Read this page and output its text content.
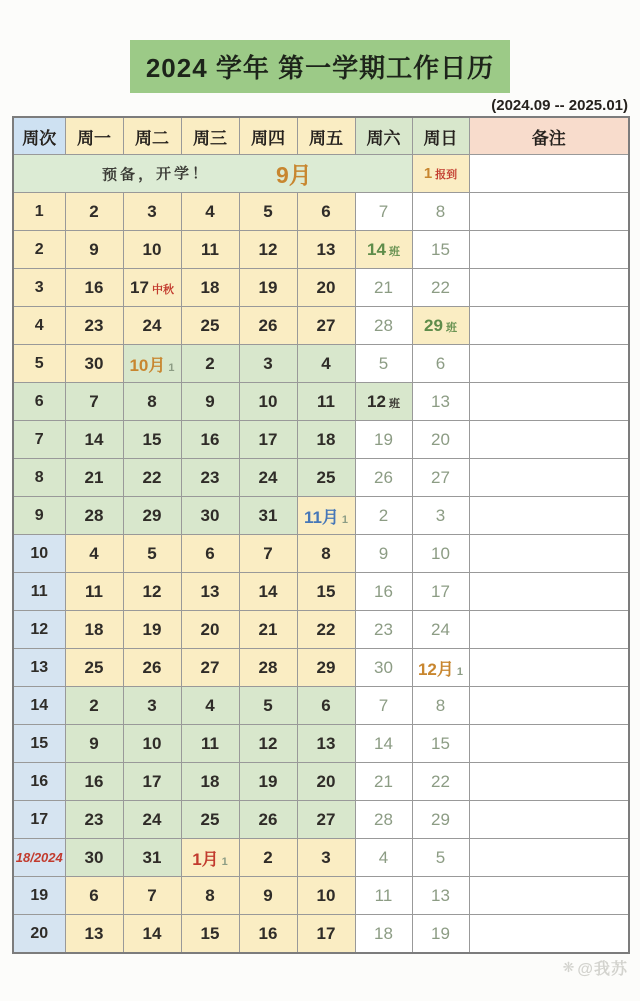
2024 学年 第一学期工作日历
(2024.09 -- 2025.01)
周次	周一	周二	周三	周四	周五	周六	周日	备注

预备，开学！ 9月							1 报到	
1	2	3	4	5	6	7	8	
2	9	10	11	12	13	14 班	15	
3	16	17 中秋	18	19	20	21	22	
4	23	24	25	26	27	28	29 班	
5	30	10月 1	2	3	4	5	6	
6	7	8	9	10	11	12 班	13	
7	14	15	16	17	18	19	20	
8	21	22	23	24	25	26	27	
9	28	29	30	31	11月 1	2	3	
10	4	5	6	7	8	9	10	
11	11	12	13	14	15	16	17	
12	18	19	20	21	22	23	24	
13	25	26	27	28	29	30	12月 1	
14	2	3	4	5	6	7	8	
15	9	10	11	12	13	14	15	
16	16	17	18	19	20	21	22	
17	23	24	25	26	27	28	29	
18/2024	30	31	1月 1	2	3	4	5	
19	6	7	8	9	10	11	13	
20	13	14	15	16	17	18	19	
❋ @我苏
